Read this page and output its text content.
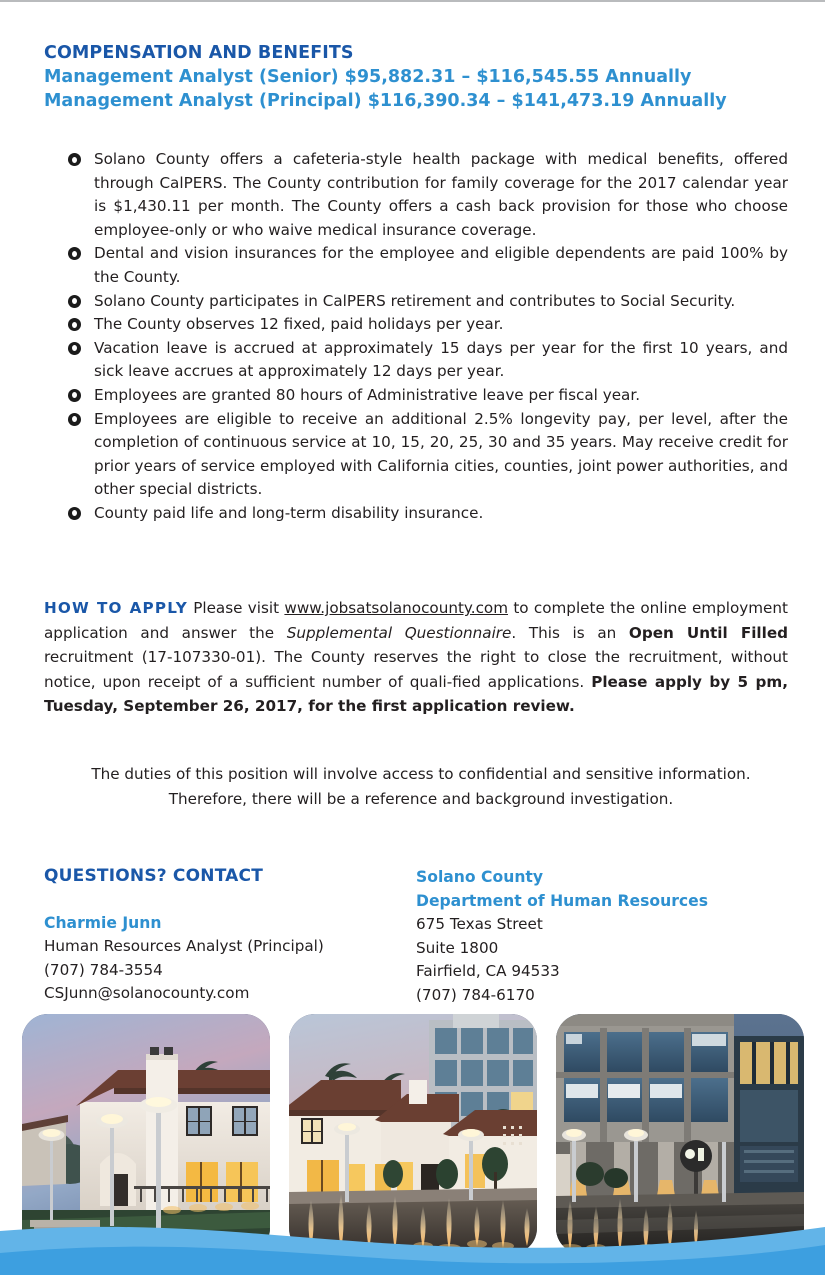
COMPENSATION AND BENEFITS
Management Analyst (Senior) $95,882.31 – $116,545.55 Annually
Management Analyst (Principal) $116,390.34 – $141,473.19 Annually
Solano County offers a cafeteria-style health package with medical benefits, offered through CalPERS. The County contribution for family coverage for the 2017 calendar year is $1,430.11 per month. The County offers a cash back provision for those who choose employee-only or who waive medical insurance coverage.
Dental and vision insurances for the employee and eligible dependents are paid 100% by the County.
Solano County participates in CalPERS retirement and contributes to Social Security.
The County observes 12 fixed, paid holidays per year.
Vacation leave is accrued at approximately 15 days per year for the first 10 years, and sick leave accrues at approximately 12 days per year.
Employees are granted 80 hours of Administrative leave per fiscal year.
Employees are eligible to receive an additional 2.5% longevity pay, per level, after the completion of continuous service at 10, 15, 20, 25, 30 and 35 years. May receive credit for prior years of service employed with California cities, counties, joint power authorities, and other special districts.
County paid life and long-term disability insurance.
HOW TO APPLY Please visit www.jobsatsolanocounty.com to complete the online employment application and answer the Supplemental Questionnaire. This is an Open Until Filled recruitment (17-107330-01). The County reserves the right to close the recruitment, without notice, upon receipt of a sufficient number of quali-fied applications. Please apply by 5 pm, Tuesday, September 26, 2017, for the first application review.
The duties of this position will involve access to confidential and sensitive information. Therefore, there will be a reference and background investigation.
QUESTIONS? CONTACT
Charmie Junn
Human Resources Analyst (Principal)
(707) 784-3554
CSJunn@solanocounty.com
Solano County
Department of Human Resources
675 Texas Street
Suite 1800
Fairfield, CA 94533
(707) 784-6170
